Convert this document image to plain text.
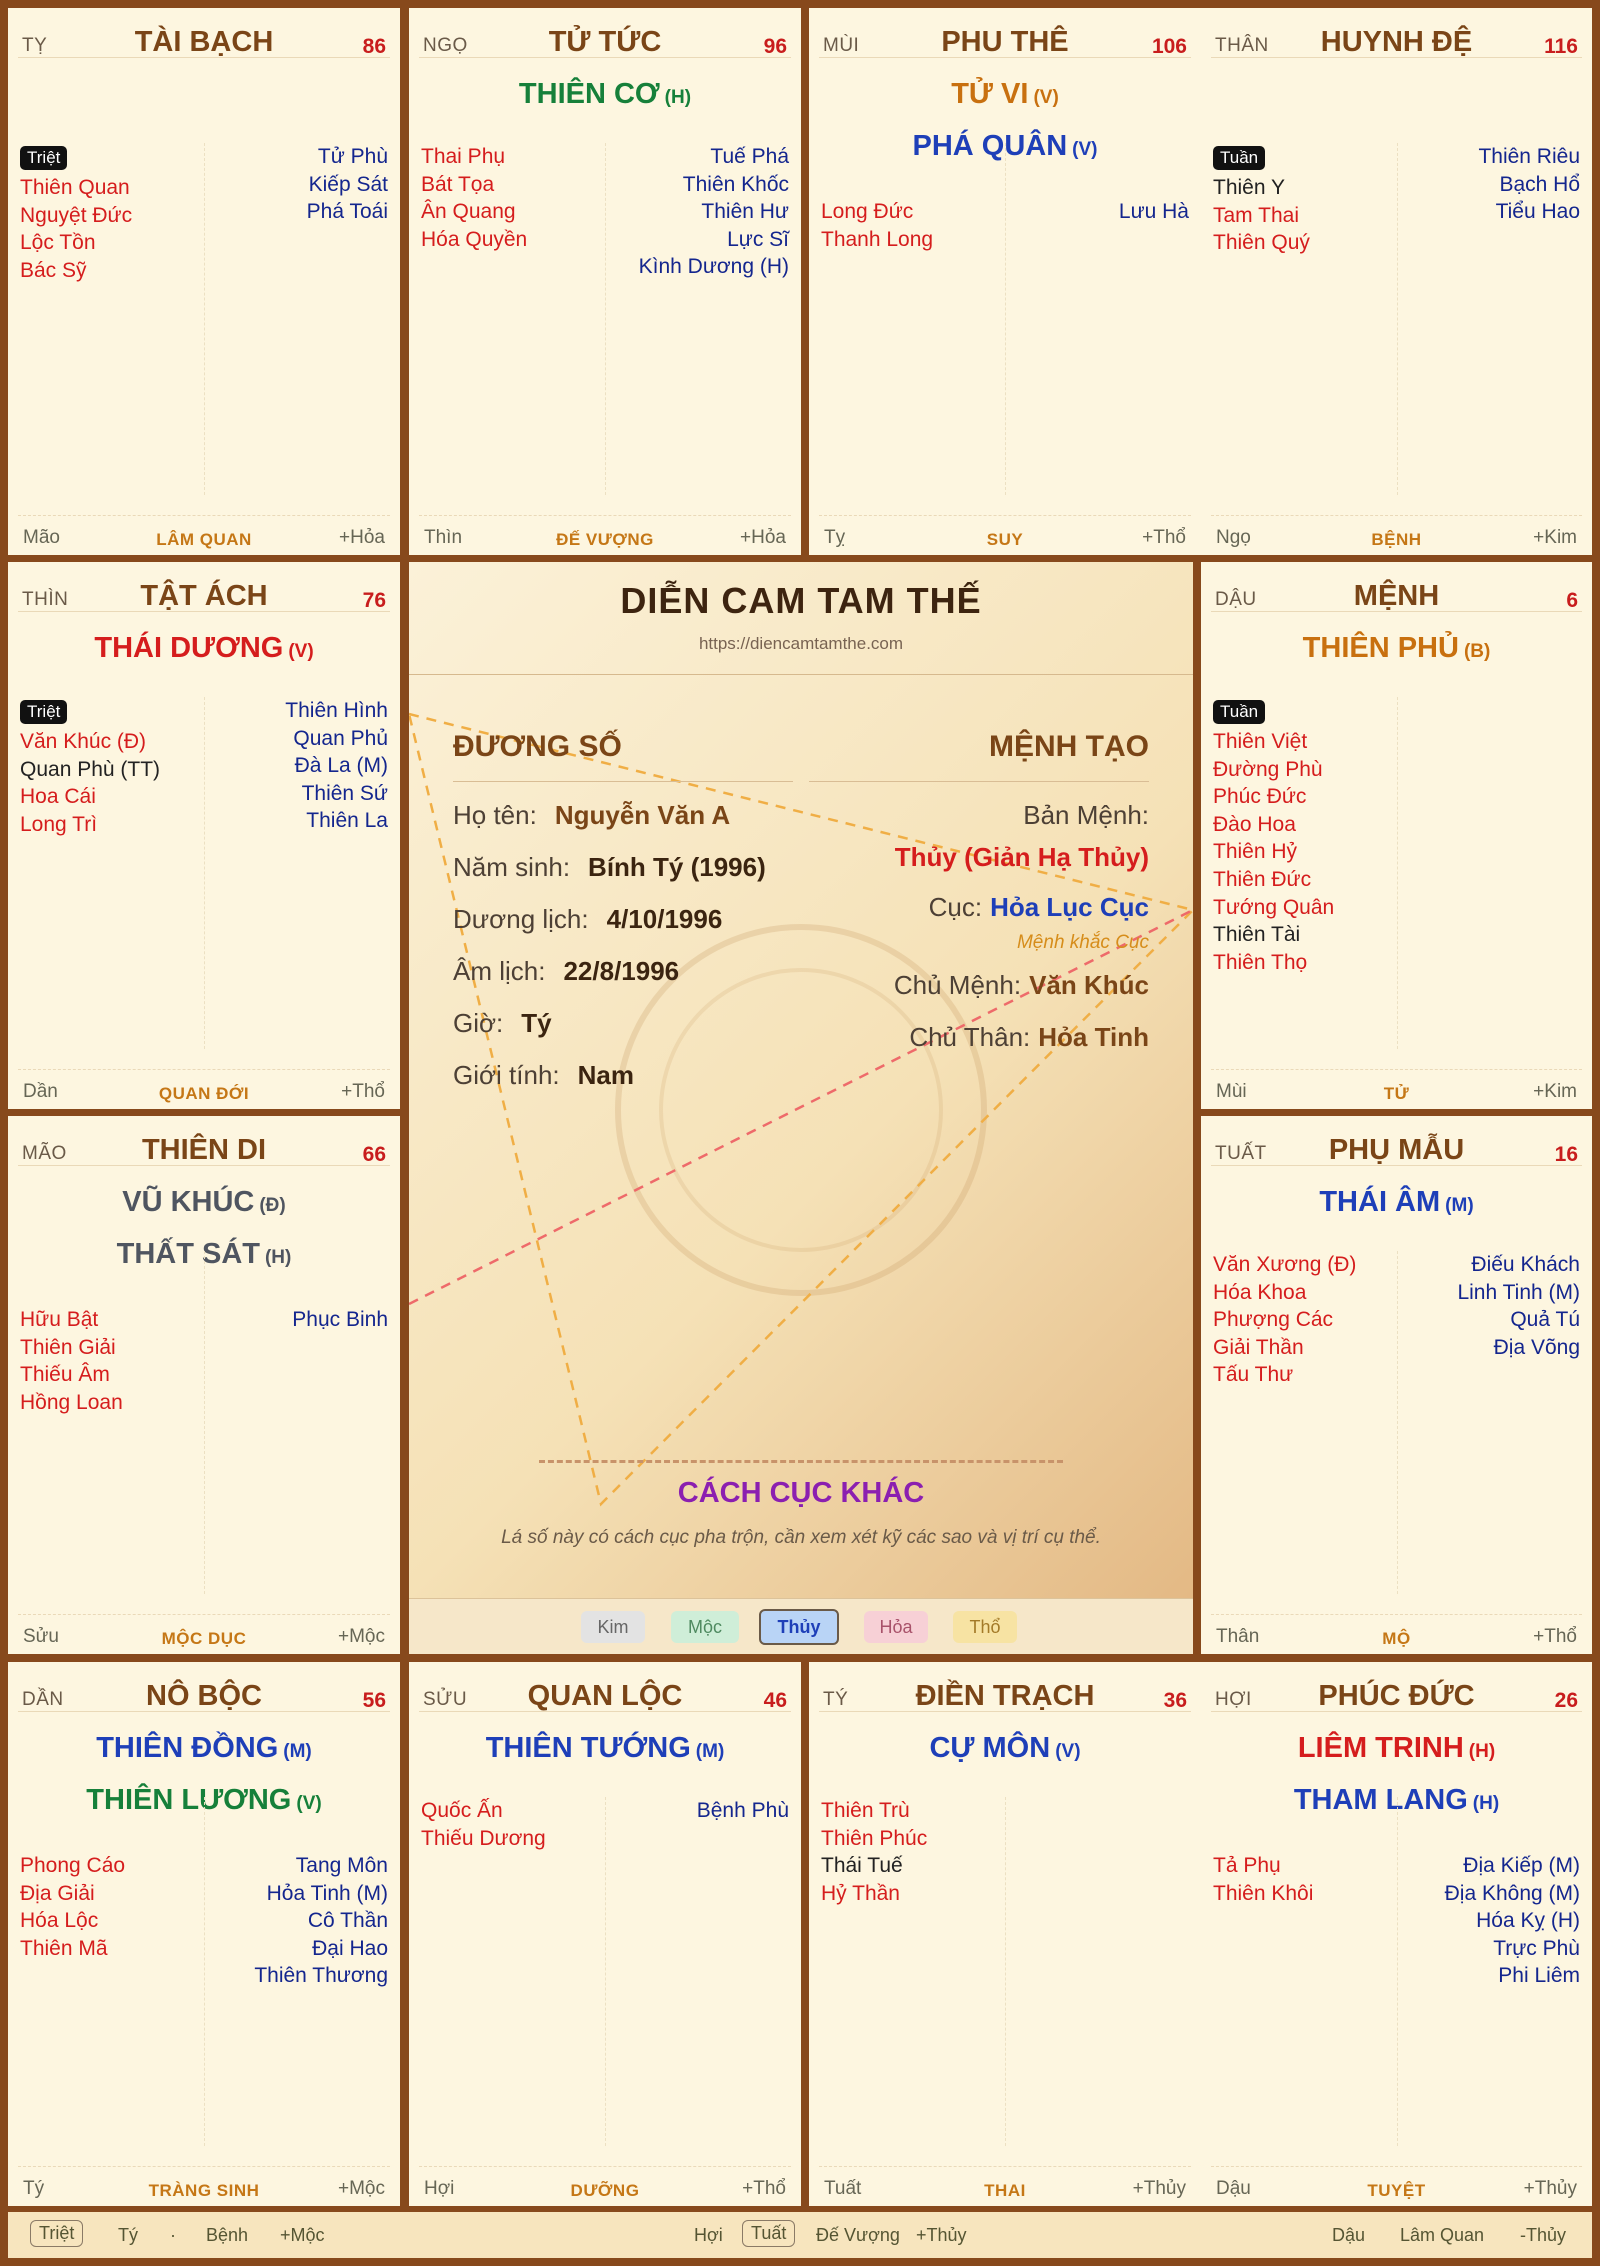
TỴ	TÀI BẠCH	86
Triệt
Thiên Quan
Nguyệt Đức
Lộc Tồn
Bác Sỹ
Tử Phù
Kiếp Sát
Phá Toái
Mão	LÂM QUAN	+Hỏa
NGỌ	TỬ TỨC	96
THIÊN CƠ (H)
Thai Phụ
Bát Tọa
Ân Quang
Hóa Quyền
Tuế Phá
Thiên Khốc
Thiên Hư
Lực Sĩ
Kình Dương (H)
Thìn	ĐẾ VƯỢNG	+Hỏa
MÙI	PHU THÊ	106
TỬ VI (V)
PHÁ QUÂN (V)
Long Đức
Thanh Long
Lưu Hà
Tỵ	SUY	+Thổ
THÂN	HUYNH ĐỆ	116
Tuần
Thiên Y
Tam Thai
Thiên Quý
Thiên Riêu
Bạch Hổ
Tiểu Hao
Ngọ	BỆNH	+Kim
THÌN	TẬT ÁCH	76
THÁI DƯƠNG (V)
Triệt
Văn Khúc (Đ)
Quan Phù (TT)
Hoa Cái
Long Trì
Thiên Hình
Quan Phủ
Đà La (M)
Thiên Sứ
Thiên La
Dần	QUAN ĐỚI	+Thổ
DẬU	MỆNH	6
THIÊN PHỦ (B)
Tuần
Thiên Việt
Đường Phù
Phúc Đức
Đào Hoa
Thiên Hỷ
Thiên Đức
Tướng Quân
Thiên Tài
Thiên Thọ
Mùi	TỬ	+Kim
MÃO	THIÊN DI	66
VŨ KHÚC (Đ)
THẤT SÁT (H)
Hữu Bật
Thiên Giải
Thiếu Âm
Hồng Loan
Phục Binh
Sửu	MỘC DỤC	+Mộc
TUẤT	PHỤ MẪU	16
THÁI ÂM (M)
Văn Xương (Đ)
Hóa Khoa
Phượng Các
Giải Thần
Tấu Thư
Điếu Khách
Linh Tinh (M)
Quả Tú
Địa Võng
Thân	MỘ	+Thổ
DẦN	NÔ BỘC	56
THIÊN ĐỒNG (M)
THIÊN LƯƠNG (V)
Phong Cáo
Địa Giải
Hóa Lộc
Thiên Mã
Tang Môn
Hỏa Tinh (M)
Cô Thần
Đại Hao
Thiên Thương
Tý	TRÀNG SINH	+Mộc
SỬU	QUAN LỘC	46
THIÊN TƯỚNG (M)
Quốc Ấn
Thiếu Dương
Bệnh Phù
Hợi	DƯỠNG	+Thổ
TÝ	ĐIỀN TRẠCH	36
CỰ MÔN (V)
Thiên Trù
Thiên Phúc
Thái Tuế
Hỷ Thần
Tuất	THAI	+Thủy
HỢI	PHÚC ĐỨC	26
LIÊM TRINH (H)
THAM LANG (H)
Tả Phụ
Thiên Khôi
Địa Kiếp (M)
Địa Không (M)
Hóa Kỵ (H)
Trực Phù
Phi Liêm
Dậu	TUYỆT	+Thủy
DIỄN CAM TAM THẾ
https://diencamtamthe.com
ĐƯƠNG SỐ	MỆNH TẠO
Họ tên: Nguyễn Văn A
Năm sinh: Bính Tý (1996)
Dương lịch: 4/10/1996
Âm lịch: 22/8/1996
Giờ: Tý
Giới tính: Nam
Bản Mệnh:
Thủy (Giản Hạ Thủy)
Cục: Hỏa Lục Cục
Mệnh khắc Cục
Chủ Mệnh: Văn Khúc
Chủ Thân: Hỏa Tinh
CÁCH CỤC KHÁC
Lá số này có cách cục pha trộn, cần xem xét kỹ các sao và vị trí cụ thể.
Kim	Mộc	Thủy	Hỏa	Thổ
Triệt	Tý · Bệnh +Mộc	Hợi	Tuất	Đế Vượng +Thủy	Dậu Lâm Quan -Thủy
